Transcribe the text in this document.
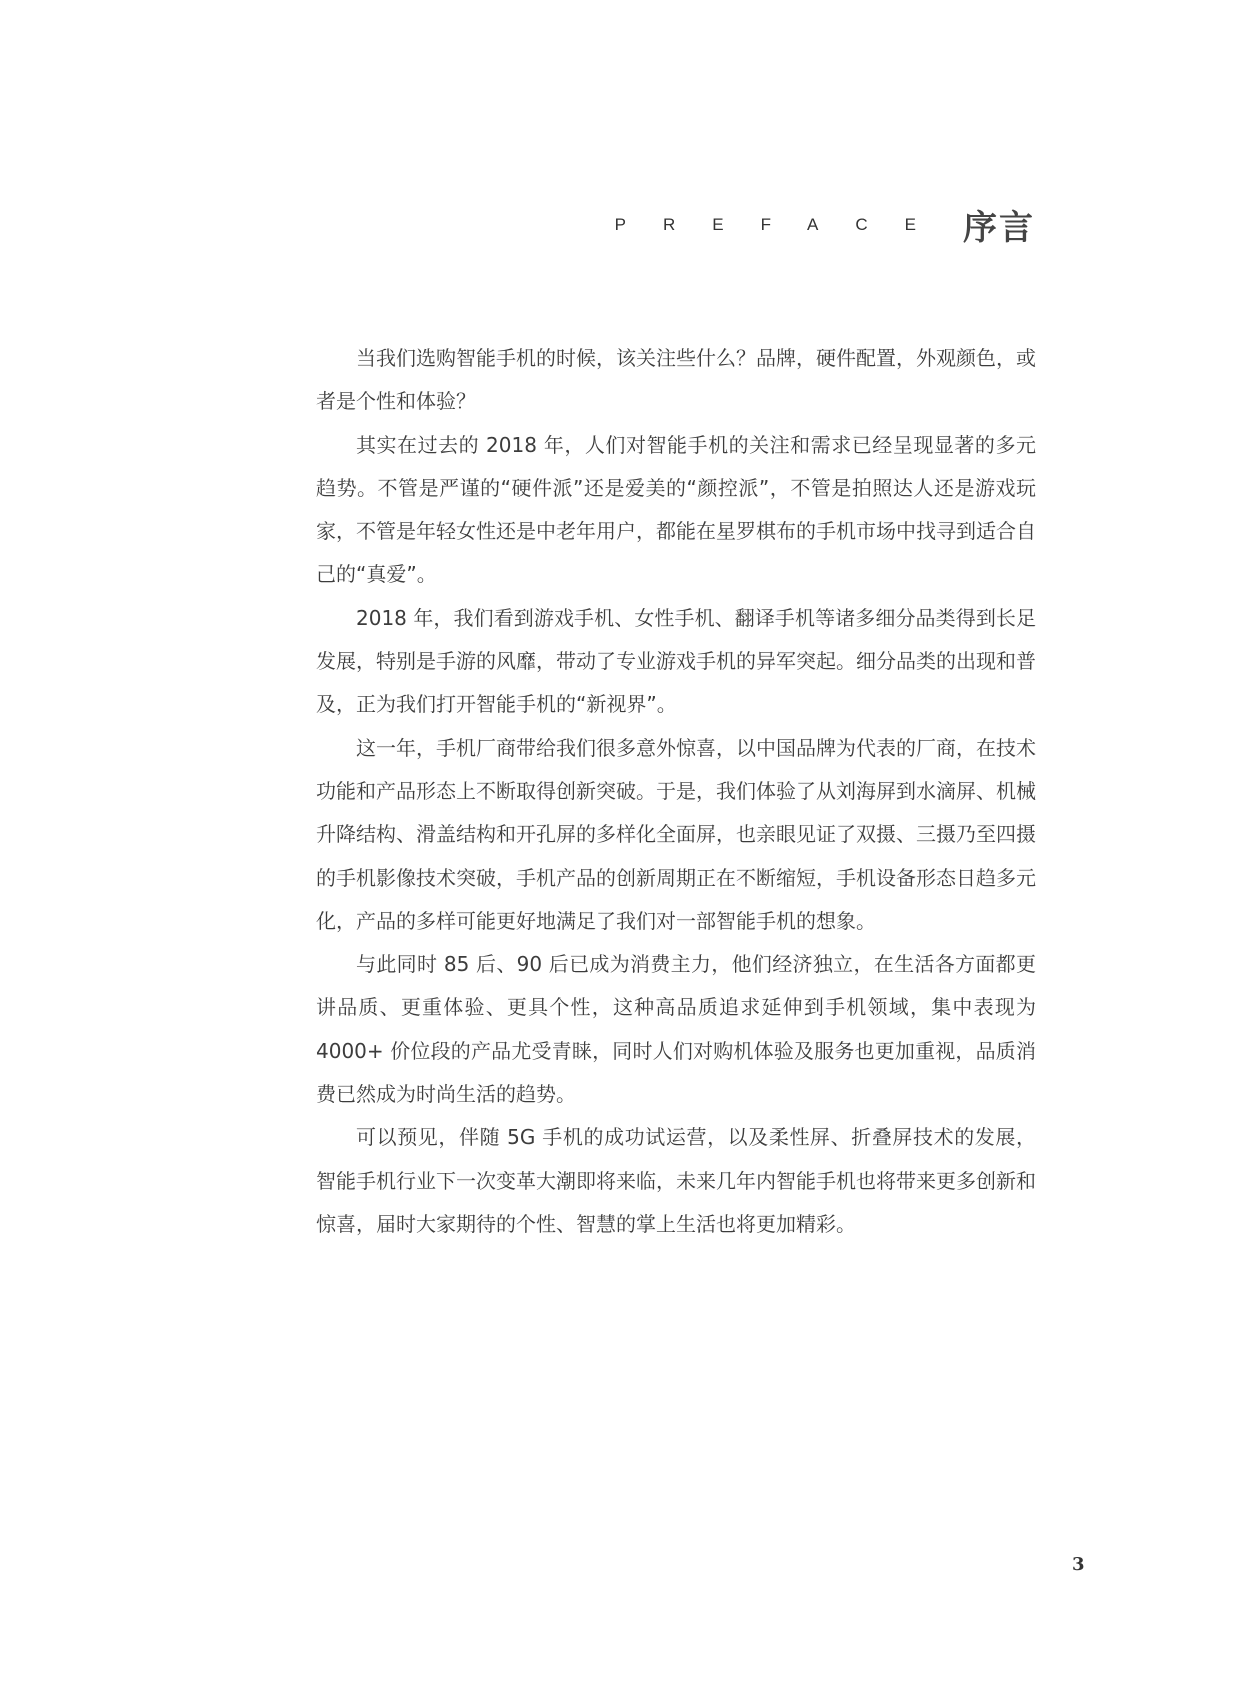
PREFACE 序言

当我们选购智能手机的时候，该关注些什么？品牌，硬件配置，外观颜色，或者是个性和体验？

其实在过去的 2018 年，人们对智能手机的关注和需求已经呈现显著的多元趋势。不管是严谨的“硬件派”还是爱美的“颜控派”，不管是拍照达人还是游戏玩家，不管是年轻女性还是中老年用户，都能在星罗棋布的手机市场中找寻到适合自己的“真爱”。

2018 年，我们看到游戏手机、女性手机、翻译手机等诸多细分品类得到长足发展，特别是手游的风靡，带动了专业游戏手机的异军突起。细分品类的出现和普及，正为我们打开智能手机的“新视界”。

这一年，手机厂商带给我们很多意外惊喜，以中国品牌为代表的厂商，在技术功能和产品形态上不断取得创新突破。于是，我们体验了从刘海屏到水滴屏、机械升降结构、滑盖结构和开孔屏的多样化全面屏，也亲眼见证了双摄、三摄乃至四摄的手机影像技术突破，手机产品的创新周期正在不断缩短，手机设备形态日趋多元化，产品的多样可能更好地满足了我们对一部智能手机的想象。

与此同时 85 后、90 后已成为消费主力，他们经济独立，在生活各方面都更讲品质、更重体验、更具个性，这种高品质追求延伸到手机领域，集中表现为 4000+ 价位段的产品尤受青睐，同时人们对购机体验及服务也更加重视，品质消费已然成为时尚生活的趋势。

可以预见，伴随 5G 手机的成功试运营，以及柔性屏、折叠屏技术的发展，智能手机行业下一次变革大潮即将来临，未来几年内智能手机也将带来更多创新和惊喜，届时大家期待的个性、智慧的掌上生活也将更加精彩。

3
